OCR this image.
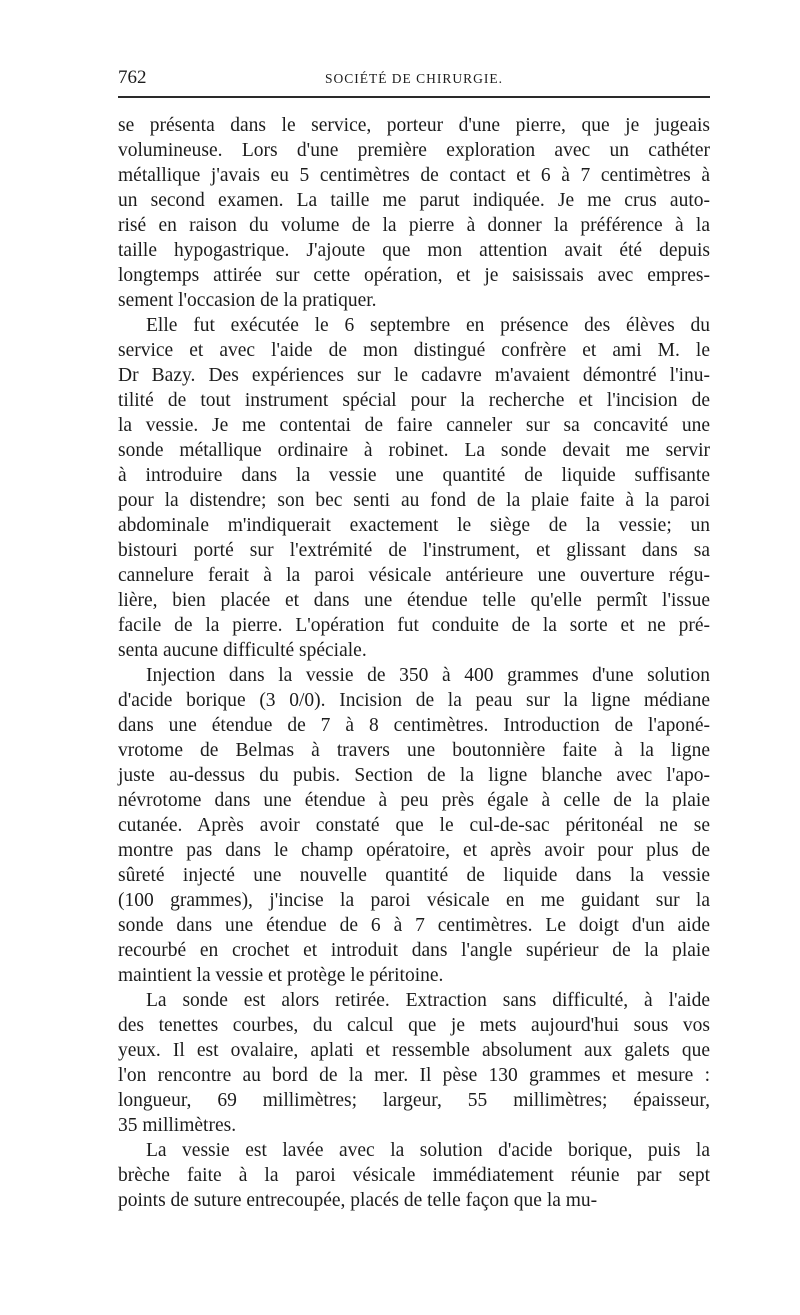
762	SOCIÉTÉ DE CHIRURGIE.

se présenta dans le service, porteur d'une pierre, que je jugeais
volumineuse. Lors d'une première exploration avec un cathéter
métallique j'avais eu 5 centimètres de contact et 6 à 7 centimètres à
un second examen. La taille me parut indiquée. Je me crus auto-
risé en raison du volume de la pierre à donner la préférence à la
taille hypogastrique. J'ajoute que mon attention avait été depuis
longtemps attirée sur cette opération, et je saisissais avec empres-
sement l'occasion de la pratiquer.

Elle fut exécutée le 6 septembre en présence des élèves du
service et avec l'aide de mon distingué confrère et ami M. le
Dr Bazy. Des expériences sur le cadavre m'avaient démontré l'inu-
tilité de tout instrument spécial pour la recherche et l'incision de
la vessie. Je me contentai de faire canneler sur sa concavité une
sonde métallique ordinaire à robinet. La sonde devait me servir
à introduire dans la vessie une quantité de liquide suffisante
pour la distendre; son bec senti au fond de la plaie faite à la paroi
abdominale m'indiquerait exactement le siège de la vessie; un
bistouri porté sur l'extrémité de l'instrument, et glissant dans sa
cannelure ferait à la paroi vésicale antérieure une ouverture régu-
lière, bien placée et dans une étendue telle qu'elle permît l'issue
facile de la pierre. L'opération fut conduite de la sorte et ne pré-
senta aucune difficulté spéciale.

Injection dans la vessie de 350 à 400 grammes d'une solution
d'acide borique (3 0/0). Incision de la peau sur la ligne médiane
dans une étendue de 7 à 8 centimètres. Introduction de l'aponé-
vrotome de Belmas à travers une boutonnière faite à la ligne
juste au-dessus du pubis. Section de la ligne blanche avec l'apo-
névrotome dans une étendue à peu près égale à celle de la plaie
cutanée. Après avoir constaté que le cul-de-sac péritonéal ne se
montre pas dans le champ opératoire, et après avoir pour plus de
sûreté injecté une nouvelle quantité de liquide dans la vessie
(100 grammes), j'incise la paroi vésicale en me guidant sur la
sonde dans une étendue de 6 à 7 centimètres. Le doigt d'un aide
recourbé en crochet et introduit dans l'angle supérieur de la plaie
maintient la vessie et protège le péritoine.

La sonde est alors retirée. Extraction sans difficulté, à l'aide
des tenettes courbes, du calcul que je mets aujourd'hui sous vos
yeux. Il est ovalaire, aplati et ressemble absolument aux galets que
l'on rencontre au bord de la mer. Il pèse 130 grammes et mesure :
longueur, 69 millimètres; largeur, 55 millimètres; épaisseur,
35 millimètres.

La vessie est lavée avec la solution d'acide borique, puis la
brèche faite à la paroi vésicale immédiatement réunie par sept
points de suture entrecoupée, placés de telle façon que la mu-
